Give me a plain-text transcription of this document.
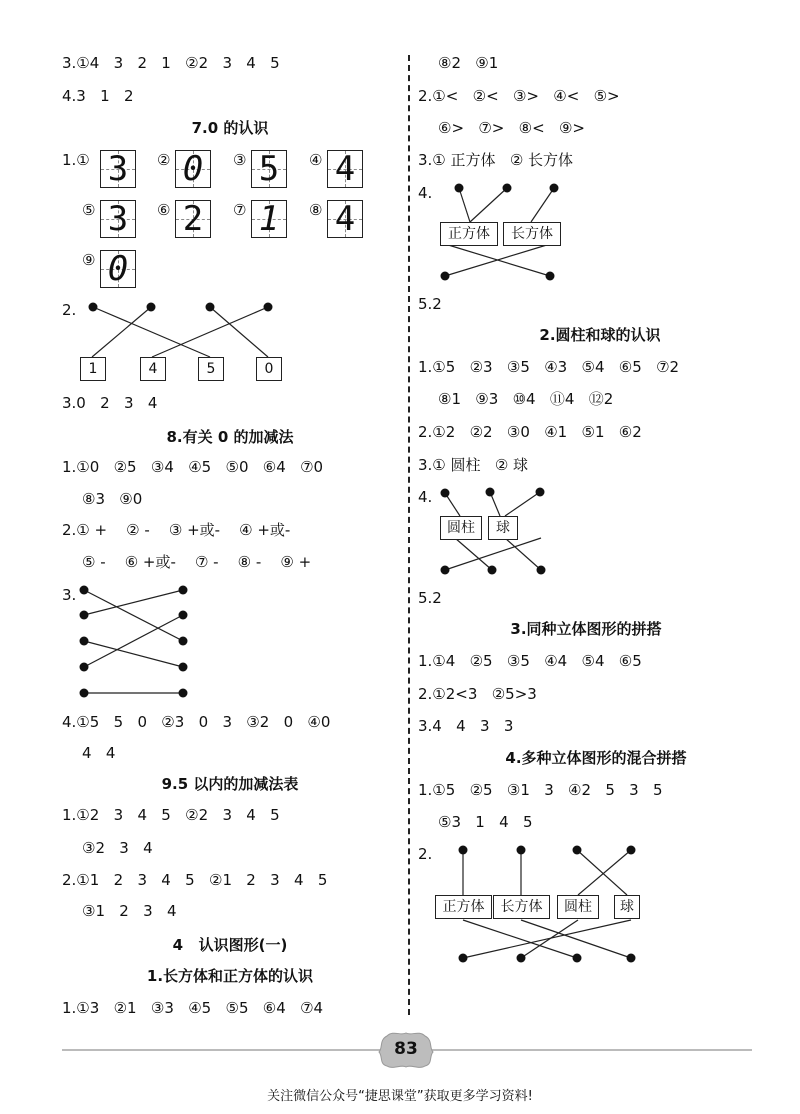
3.①4   3   2   1   ②2   3   4   5
4.3   1   2
7.0 的认识
1.① 3	② 0	③ 5	④ 4
⑤ 3	⑥ 2	⑦ 1	⑧ 4
⑨ 0
2.
1	4	5	0
3.0   2   3   4
8.有关 0 的加减法
1.①0   ②5   ③4   ④5   ⑤0   ⑥4   ⑦0
⑧3   ⑨0
2.① +    ② -    ③ +或-    ④ +或-
⑤ -    ⑥ +或-    ⑦ -    ⑧ -    ⑨ +
3.
4.①5   5   0   ②3   0   3   ③2   0   ④0
4   4
9.5 以内的加减法表
1.①2   3   4   5   ②2   3   4   5
③2   3   4
2.①1   2   3   4   5   ②1   2   3   4   5
③1   2   3   4
4   认识图形(一)
1.长方体和正方体的认识
1.①3   ②1   ③3   ④5   ⑤5   ⑥4   ⑦4
⑧2   ⑨1
2.①<   ②<   ③>   ④<   ⑤>
⑥>   ⑦>   ⑧<   ⑨>
3.① 正方体   ② 长方体
4.
正方体	长方体
5.2
2.圆柱和球的认识
1.①5   ②3   ③5   ④3   ⑤4   ⑥5   ⑦2
⑧1   ⑨3   ⑩4   ⑪4   ⑫2
2.①2   ②2   ③0   ④1   ⑤1   ⑥2
3.① 圆柱   ② 球
4.
圆柱	球
5.2
3.同种立体图形的拼搭
1.①4   ②5   ③5   ④4   ⑤4   ⑥5
2.①2<3   ②5>3
3.4   4   3   3
4.多种立体图形的混合拼搭
1.①5   ②5   ③1   3   ④2   5   3   5
⑤3   1   4   5
2.
正方体	长方体	圆柱	球
83
关注微信公众号“捷思课堂”获取更多学习资料!
